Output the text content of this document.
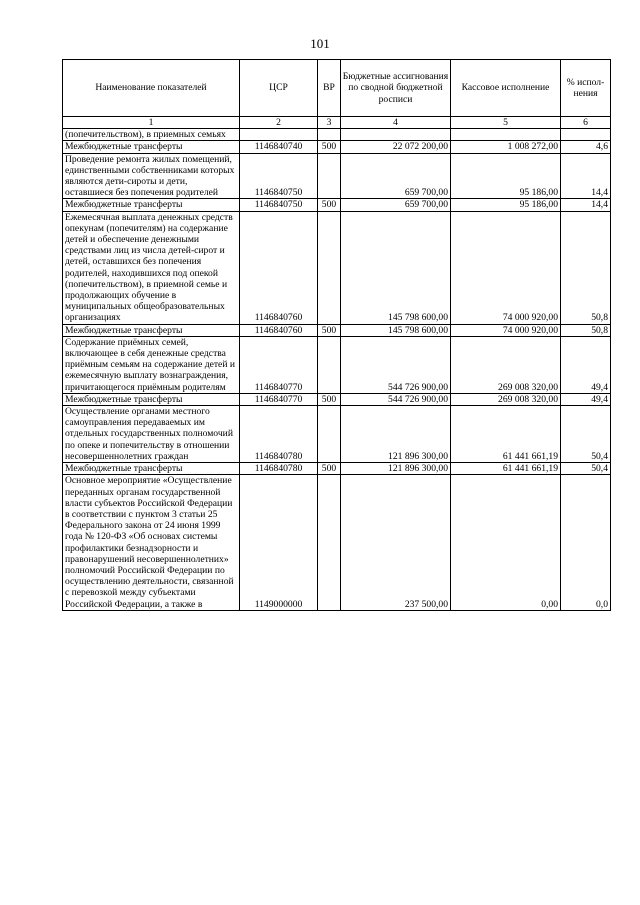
101
Наименование показателей	ЦСР	ВР	Бюджетные ассигнования по сводной бюджетной росписи	Кассовое исполнение	% испол-нения
1	2	3	4	5	6
(попечительством), в приемных семьях					
Межбюджетные трансферты	1146840740	500	22 072 200,00	1 008 272,00	4,6
Проведение ремонта жилых помещений, единственными собственниками которых являются дети-сироты и дети, оставшиеся без попечения родителей	1146840750		659 700,00	95 186,00	14,4
Межбюджетные трансферты	1146840750	500	659 700,00	95 186,00	14,4
Ежемесячная выплата денежных средств опекунам (попечителям) на содержание детей и обеспечение денежными средствами лиц из числа детей-сирот и детей, оставшихся без попечения родителей, находившихся под опекой (попечительством), в приемной семье и продолжающих обучение в муниципальных общеобразовательных организациях	1146840760		145 798 600,00	74 000 920,00	50,8
Межбюджетные трансферты	1146840760	500	145 798 600,00	74 000 920,00	50,8
Содержание приёмных семей, включающее в себя денежные средства приёмным семьям на содержание детей и ежемесячную выплату вознаграждения, причитающегося приёмным родителям	1146840770		544 726 900,00	269 008 320,00	49,4
Межбюджетные трансферты	1146840770	500	544 726 900,00	269 008 320,00	49,4
Осуществление органами местного самоуправления передаваемых им отдельных государственных полномочий по опеке и попечительству в отношении несовершеннолетних граждан	1146840780		121 896 300,00	61 441 661,19	50,4
Межбюджетные трансферты	1146840780	500	121 896 300,00	61 441 661,19	50,4
Основное мероприятие «Осуществление переданных органам государственной власти субъектов Российской Федерации в соответствии с пунктом 3 статьи 25 Федерального закона от 24 июня 1999 года № 120-ФЗ «Об основах системы профилактики безнадзорности и правонарушений несовершеннолетних» полномочий Российской Федерации по осуществлению деятельности, связанной с перевозкой между субъектами Российской Федерации, а также в	1149000000		237 500,00	0,00	0,0
